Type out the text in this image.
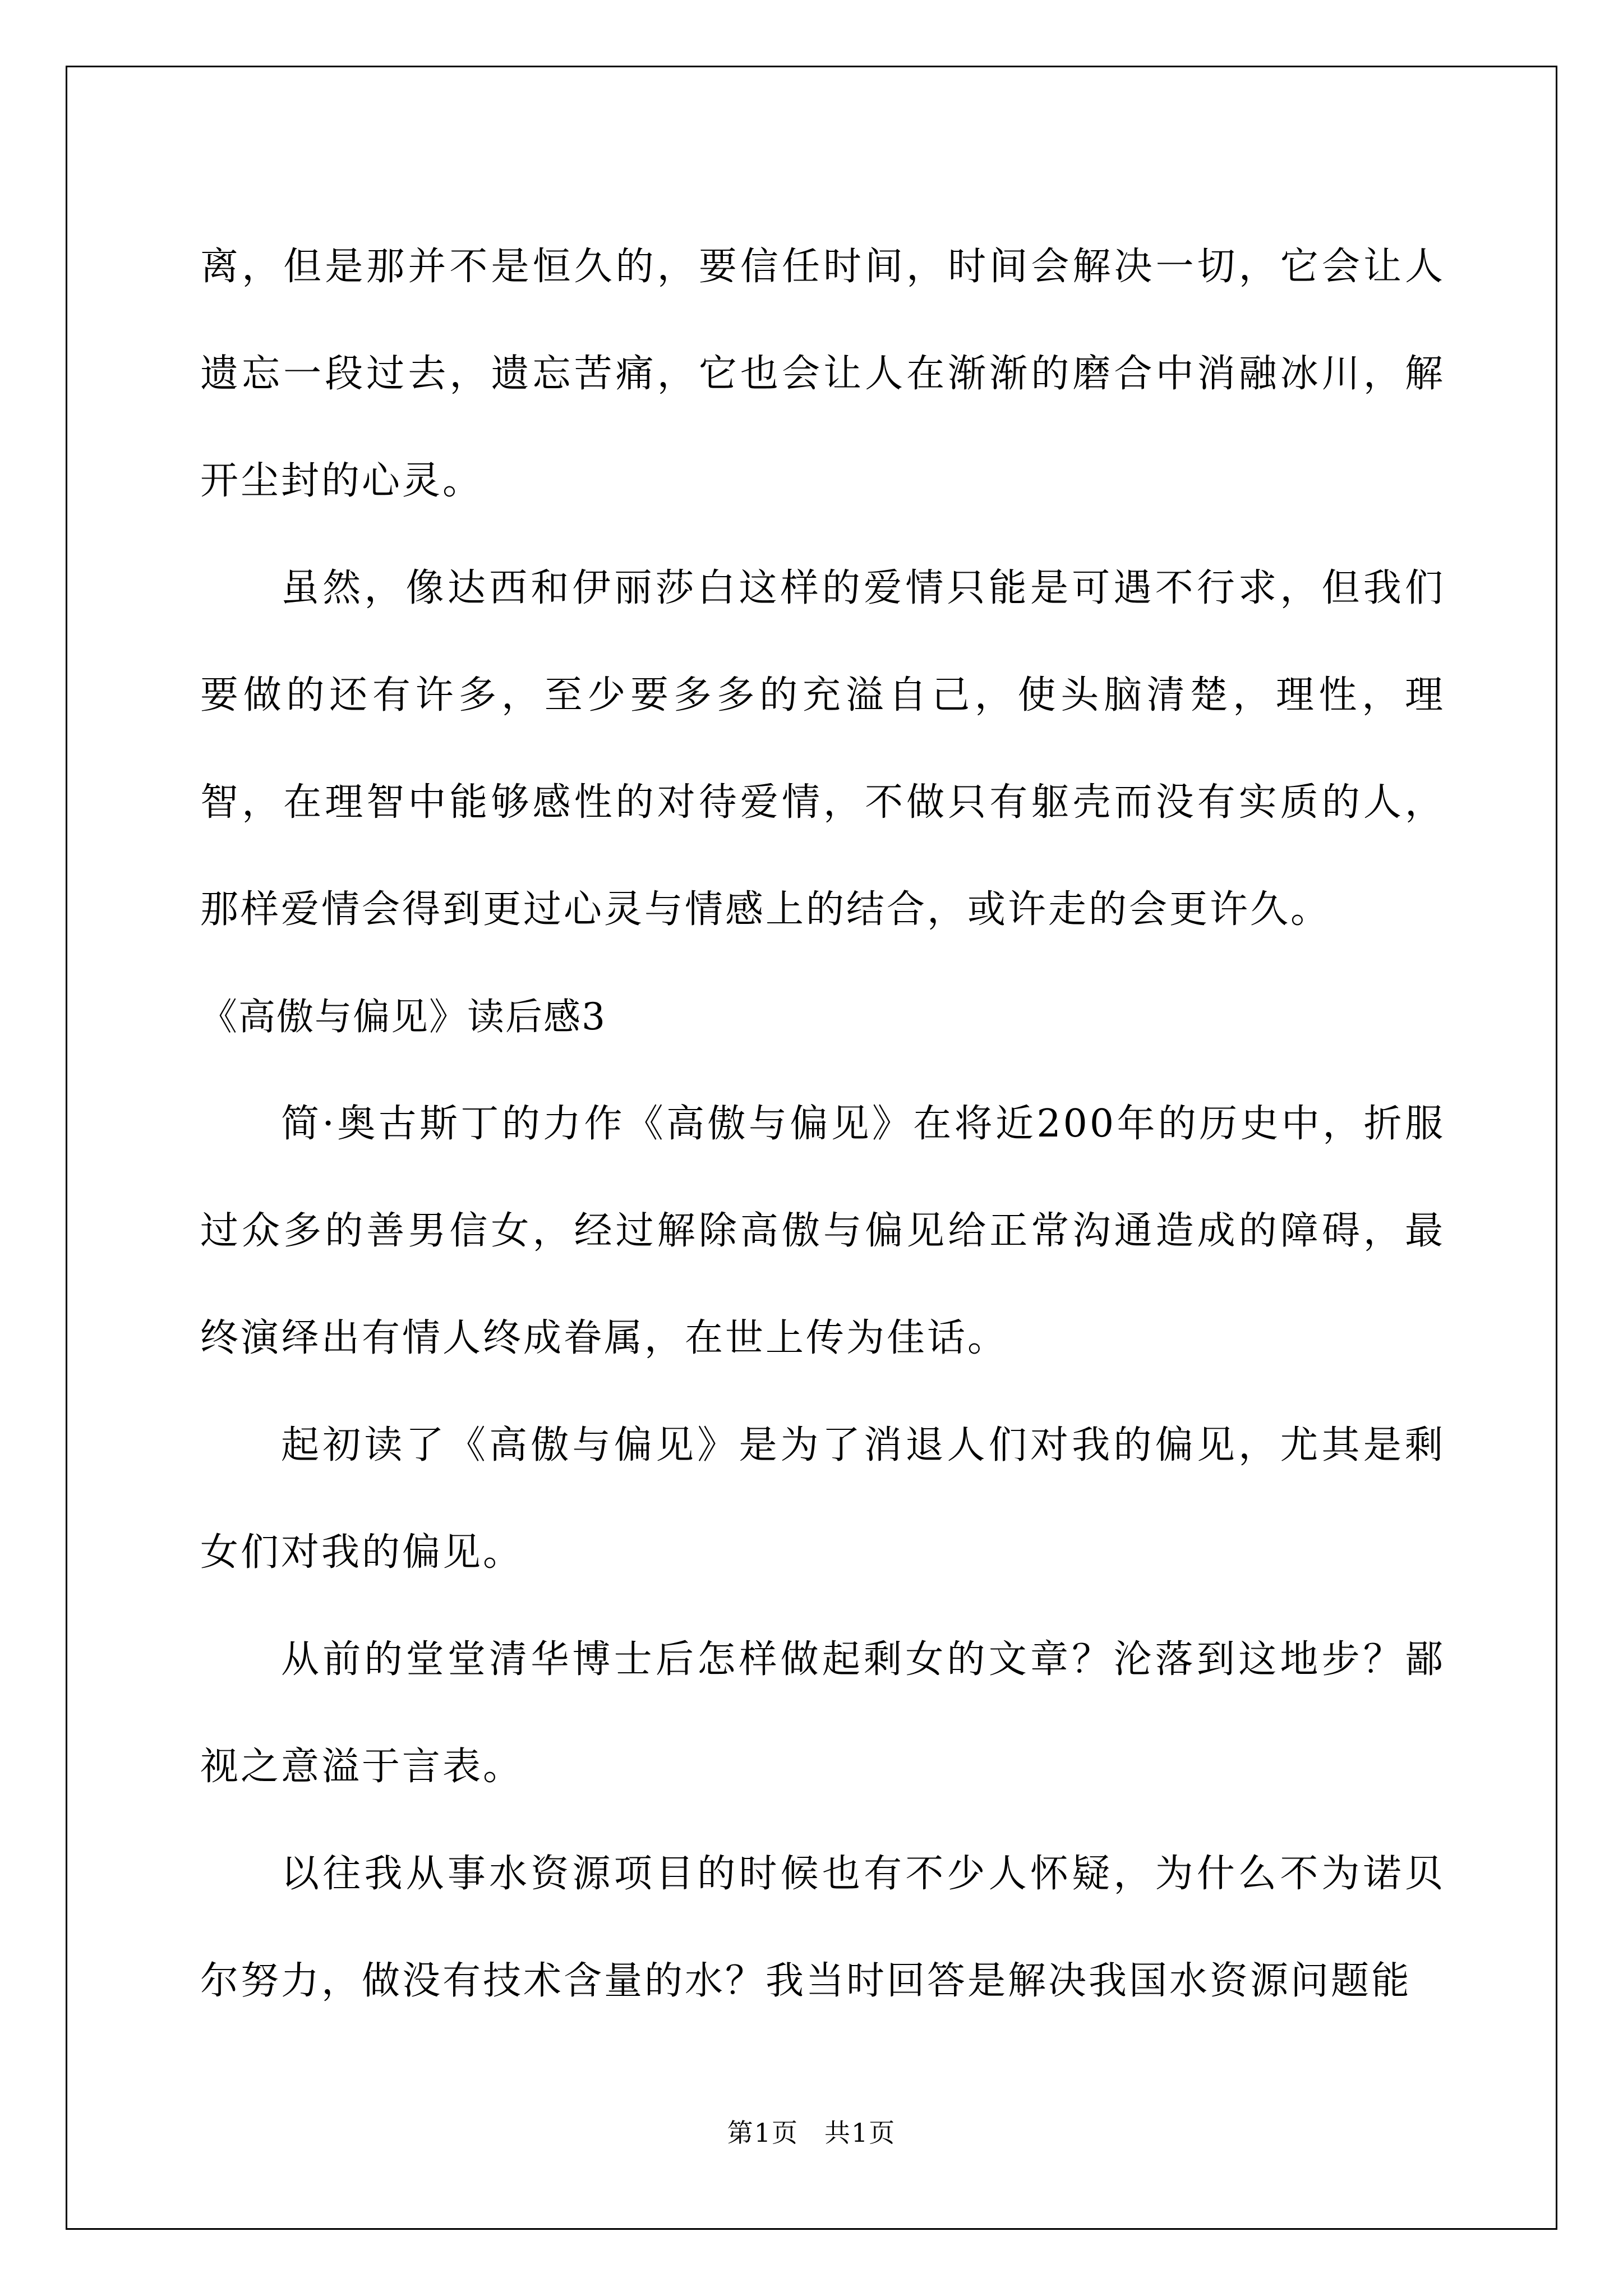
离，但是那并不是恒久的，要信任时间，时间会解决一切，它会让人遗忘一段过去，遗忘苦痛，它也会让人在渐渐的磨合中消融冰川，解开尘封的心灵。

虽然，像达西和伊丽莎白这样的爱情只能是可遇不行求，但我们要做的还有许多，至少要多多的充溢自己，使头脑清楚，理性，理智，在理智中能够感性的对待爱情，不做只有躯壳而没有实质的人，那样爱情会得到更过心灵与情感上的结合，或许走的会更许久。

《高傲与偏见》读后感3

简·奥古斯丁的力作《高傲与偏见》在将近200年的历史中，折服过众多的善男信女，经过解除高傲与偏见给正常沟通造成的障碍，最终演绎出有情人终成眷属，在世上传为佳话。

起初读了《高傲与偏见》是为了消退人们对我的偏见，尤其是剩女们对我的偏见。

从前的堂堂清华博士后怎样做起剩女的文章？沦落到这地步？鄙视之意溢于言表。

以往我从事水资源项目的时候也有不少人怀疑，为什么不为诺贝尔努力，做没有技术含量的水？我当时回答是解决我国水资源问题能

第1页 共1页
